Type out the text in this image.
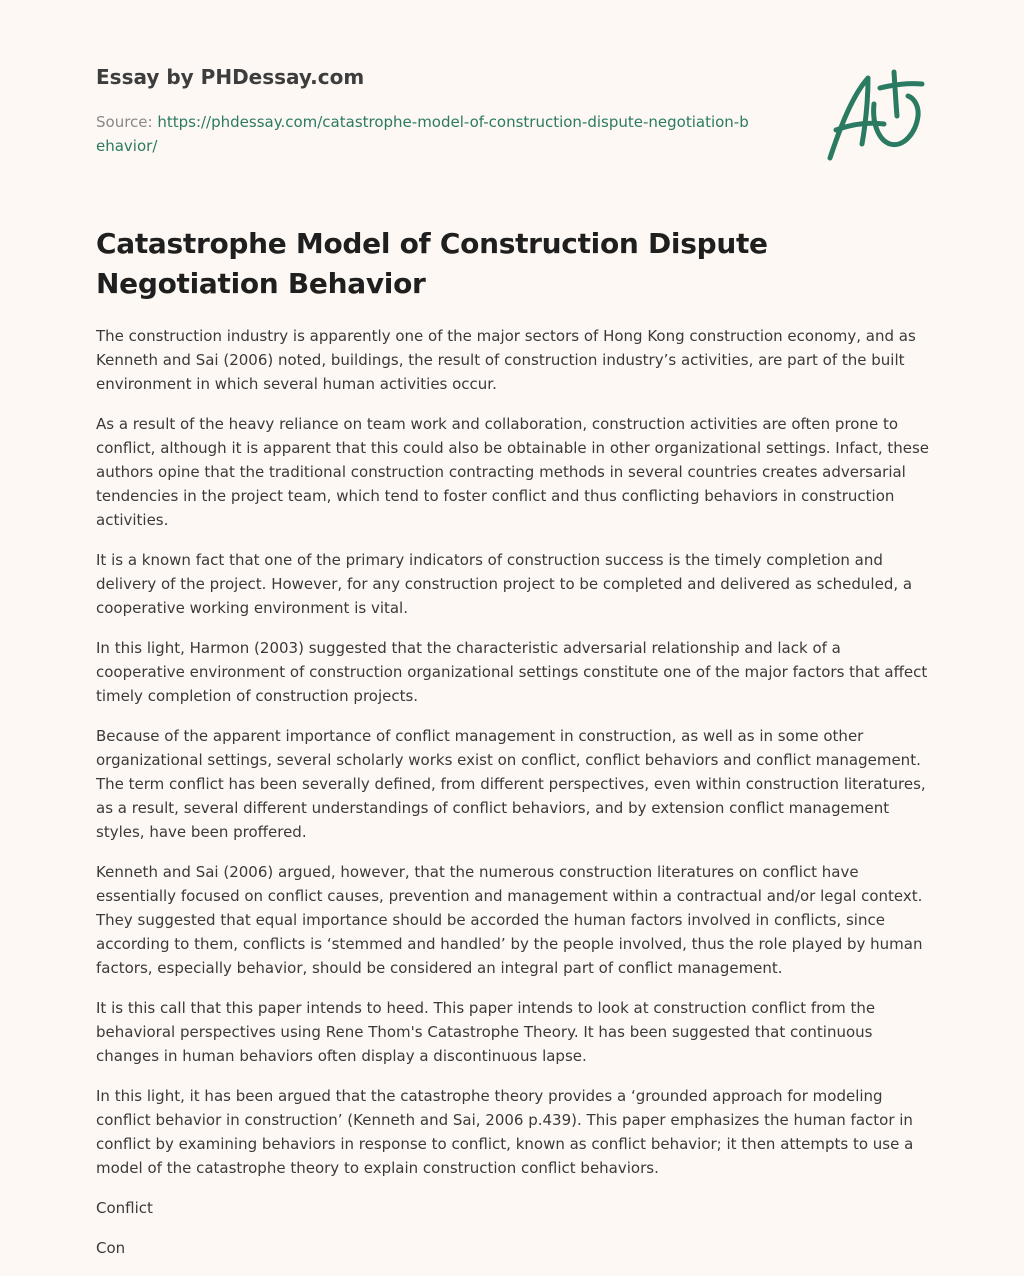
Essay by PHDessay.com
Source: https://phdessay.com/catastrophe-model-of-construction-dispute-negotiation-behavior/
Catastrophe Model of Construction Dispute Negotiation Behavior

The construction industry is apparently one of the major sectors of Hong Kong construction economy, and as Kenneth and Sai (2006) noted, buildings, the result of construction industry’s activities, are part of the built environment in which several human activities occur.

As a result of the heavy reliance on team work and collaboration, construction activities are often prone to conflict, although it is apparent that this could also be obtainable in other organizational settings. Infact, these authors opine that the traditional construction contracting methods in several countries creates adversarial tendencies in the project team, which tend to foster conflict and thus conflicting behaviors in construction activities.

It is a known fact that one of the primary indicators of construction success is the timely completion and delivery of the project. However, for any construction project to be completed and delivered as scheduled, a cooperative working environment is vital.

In this light, Harmon (2003) suggested that the characteristic adversarial relationship and lack of a cooperative environment of construction organizational settings constitute one of the major factors that affect timely completion of construction projects.

Because of the apparent importance of conflict management in construction, as well as in some other organizational settings, several scholarly works exist on conflict, conflict behaviors and conflict management. The term conflict has been severally defined, from different perspectives, even within construction literatures, as a result, several different understandings of conflict behaviors, and by extension conflict management styles, have been proffered.

Kenneth and Sai (2006) argued, however, that the numerous construction literatures on conflict have essentially focused on conflict causes, prevention and management within a contractual and/or legal context. They suggested that equal importance should be accorded the human factors involved in conflicts, since according to them, conflicts is ‘stemmed and handled’ by the people involved, thus the role played by human factors, especially behavior, should be considered an integral part of conflict management.

It is this call that this paper intends to heed. This paper intends to look at construction conflict from the behavioral perspectives using Rene Thom's Catastrophe Theory. It has been suggested that continuous changes in human behaviors often display a discontinuous lapse.

In this light, it has been argued that the catastrophe theory provides a ‘grounded approach for modeling conflict behavior in construction’ (Kenneth and Sai, 2006 p.439). This paper emphasizes the human factor in conflict by examining behaviors in response to conflict, known as conflict behavior; it then attempts to use a model of the catastrophe theory to explain construction conflict behaviors.

Conflict

Con
